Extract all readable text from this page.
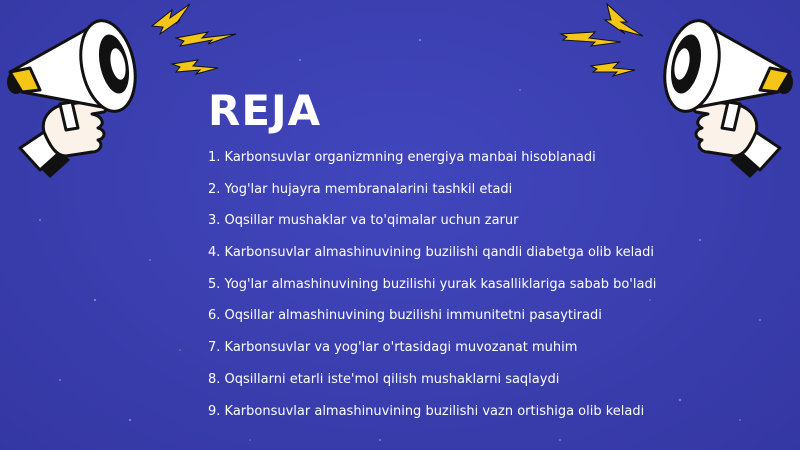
REJA
1. Karbonsuvlar organizmning energiya manbai hisoblanadi
2. Yog'lar hujayra membranalarini tashkil etadi
3. Oqsillar mushaklar va to'qimalar uchun zarur
4. Karbonsuvlar almashinuvining buzilishi qandli diabetga olib keladi
5. Yog'lar almashinuvining buzilishi yurak kasalliklariga sabab bo'ladi
6. Oqsillar almashinuvining buzilishi immunitetni pasaytiradi
7. Karbonsuvlar va yog'lar o'rtasidagi muvozanat muhim
8. Oqsillarni etarli iste'mol qilish mushaklarni saqlaydi
9. Karbonsuvlar almashinuvining buzilishi vazn ortishiga olib keladi
